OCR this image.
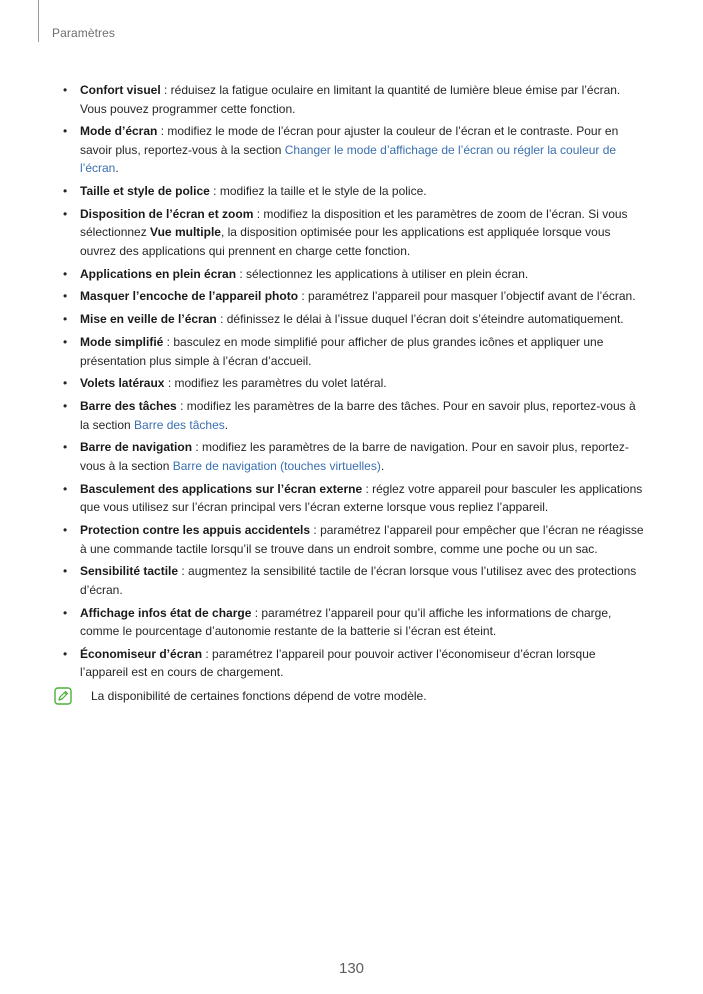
Paramètres
• Confort visuel : réduisez la fatigue oculaire en limitant la quantité de lumière bleue émise par l’écran. Vous pouvez programmer cette fonction.
• Mode d’écran : modifiez le mode de l’écran pour ajuster la couleur de l’écran et le contraste. Pour en savoir plus, reportez-vous à la section Changer le mode d’affichage de l’écran ou régler la couleur de l’écran.
• Taille et style de police : modifiez la taille et le style de la police.
• Disposition de l’écran et zoom : modifiez la disposition et les paramètres de zoom de l’écran. Si vous sélectionnez Vue multiple, la disposition optimisée pour les applications est appliquée lorsque vous ouvrez des applications qui prennent en charge cette fonction.
• Applications en plein écran : sélectionnez les applications à utiliser en plein écran.
• Masquer l’encoche de l’appareil photo : paramétrez l’appareil pour masquer l’objectif avant de l’écran.
• Mise en veille de l’écran : définissez le délai à l’issue duquel l’écran doit s’éteindre automatiquement.
• Mode simplifié : basculez en mode simplifié pour afficher de plus grandes icônes et appliquer une présentation plus simple à l’écran d’accueil.
• Volets latéraux : modifiez les paramètres du volet latéral.
• Barre des tâches : modifiez les paramètres de la barre des tâches. Pour en savoir plus, reportez-vous à la section Barre des tâches.
• Barre de navigation : modifiez les paramètres de la barre de navigation. Pour en savoir plus, reportez-vous à la section Barre de navigation (touches virtuelles).
• Basculement des applications sur l’écran externe : réglez votre appareil pour basculer les applications que vous utilisez sur l’écran principal vers l’écran externe lorsque vous repliez l’appareil.
• Protection contre les appuis accidentels : paramétrez l’appareil pour empêcher que l’écran ne réagisse à une commande tactile lorsqu’il se trouve dans un endroit sombre, comme une poche ou un sac.
• Sensibilité tactile : augmentez la sensibilité tactile de l’écran lorsque vous l’utilisez avec des protections d’écran.
• Affichage infos état de charge : paramétrez l’appareil pour qu’il affiche les informations de charge, comme le pourcentage d’autonomie restante de la batterie si l’écran est éteint.
• Économiseur d’écran : paramétrez l’appareil pour pouvoir activer l’économiseur d’écran lorsque l’appareil est en cours de chargement.
La disponibilité de certaines fonctions dépend de votre modèle.
130
